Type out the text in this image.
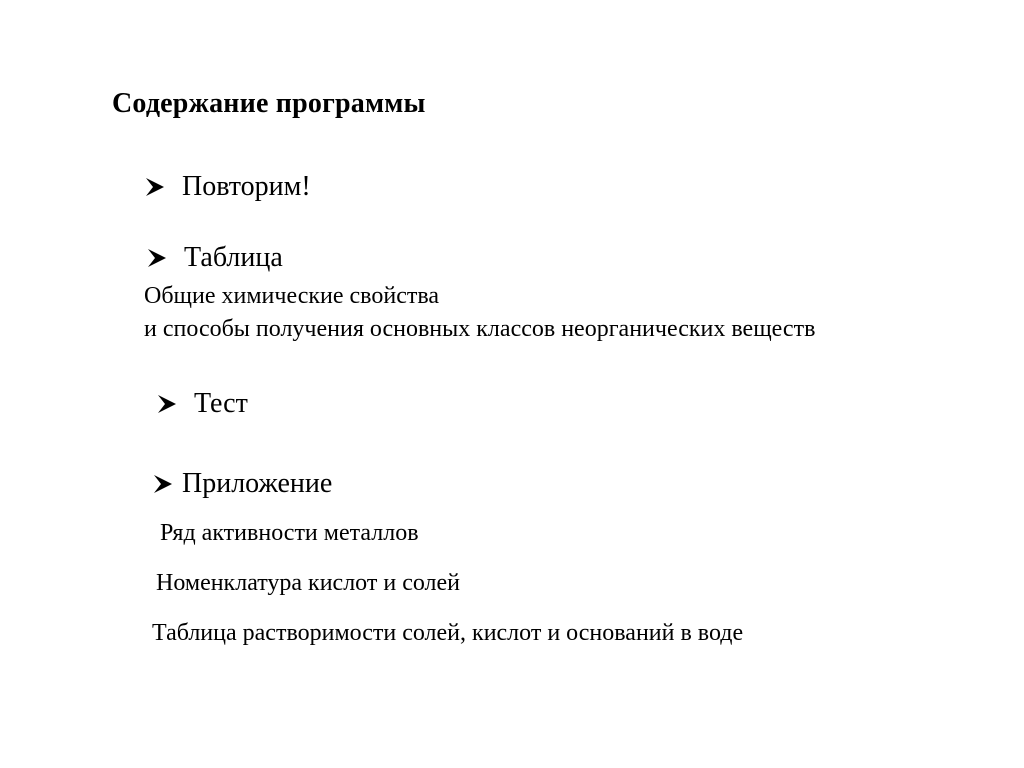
Содержание программы
Повторим!
Таблица
Общие химические свойства
и способы получения основных классов неорганических веществ
Тест
Приложение
Ряд активности металлов
Номенклатура кислот и солей
Таблица растворимости солей, кислот и оснований в воде
